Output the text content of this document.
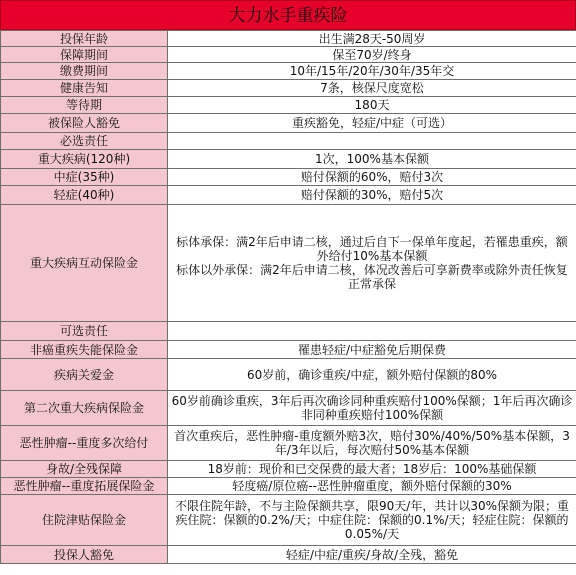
大力水手重疾险
投保年龄	出生满28天-50周岁
保障期间	保至70岁/终身
缴费期间	10年/15年/20年/30年/35年交
健康告知	7条，核保尺度宽松
等待期	180天
被保险人豁免	重疾豁免，轻症/中症（可选）
必选责任	
重大疾病(120种)	1次，100%基本保额
中症(35种)	赔付保额的60%，赔付3次
轻症(40种)	赔付保额的30%，赔付5次
重大疾病互动保险金	标体承保：满2年后申请二核，通过后自下一保单年度起，若罹患重疾，额外给付10%基本保额
标体以外承保：满2年后申请二核，体况改善后可享新费率或除外责任恢复正常承保

可选责任	
非癌重疾失能保险金	罹患轻症/中症豁免后期保费
疾病关爱金	60岁前，确诊重疾/中症，额外赔付保额的80%
第二次重大疾病保险金	60岁前确诊重疾，3年后再次确诊同种重疾赔付100%保额；1年后再次确诊非同种重疾赔付100%保额
恶性肿瘤--重度多次给付	首次重疾后，恶性肿瘤-重度额外赔3次，赔付30%/40%/50%基本保额，3年/3年以后，每次赔付50%基本保额
身故/全残保障	18岁前：现价和已交保费的最大者；18岁后：100%基础保额
恶性肿瘤--重度拓展保险金	轻度癌/原位癌--恶性肿瘤重度，额外赔付保额的30%
住院津贴保险金	不限住院年龄，不与主险保额共享，限90天/年，共计以30%保额为限；重疾住院：保额的0.2%/天；中症住院：保额的0.1%/天；轻症住院：保额的0.05%/天
投保人豁免	轻症/中症/重疾/身故/全残，豁免
